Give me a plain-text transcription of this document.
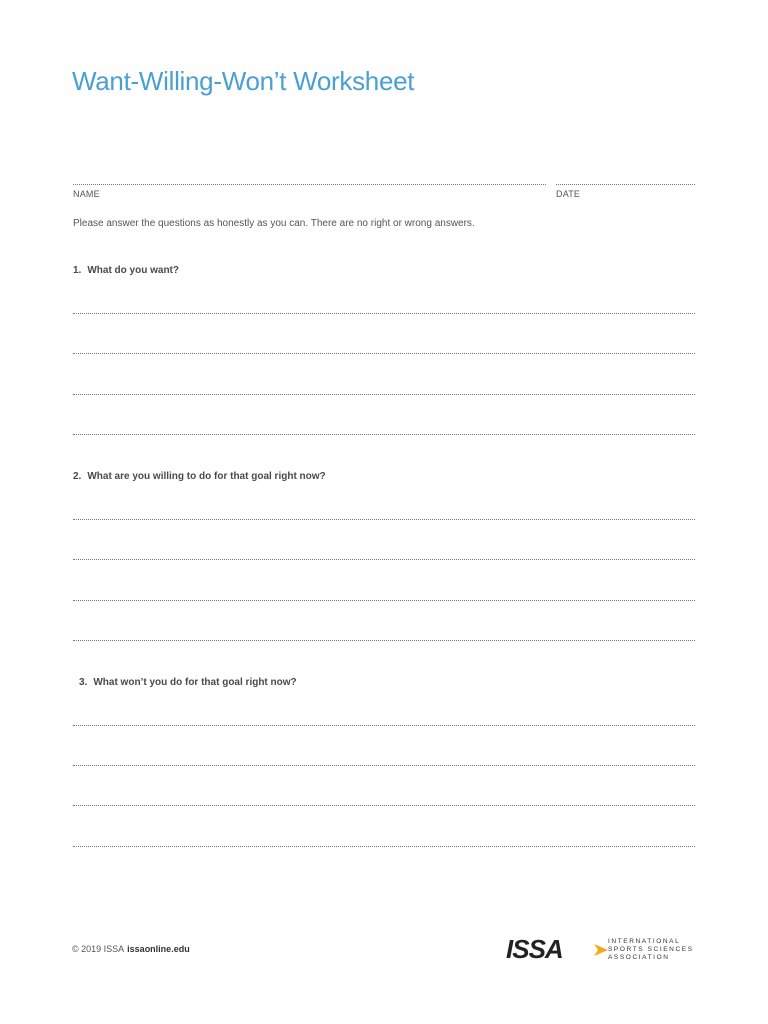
Want-Willing-Won’t Worksheet
NAME	DATE
Please answer the questions as honestly as you can. There are no right or wrong answers.
1. What do you want?
2. What are you willing to do for that goal right now?
3. What won’t you do for that goal right now?
© 2019 ISSA issaonline.edu	ISSA	INTERNATIONAL
SPORTS SCIENCES
ASSOCIATION
